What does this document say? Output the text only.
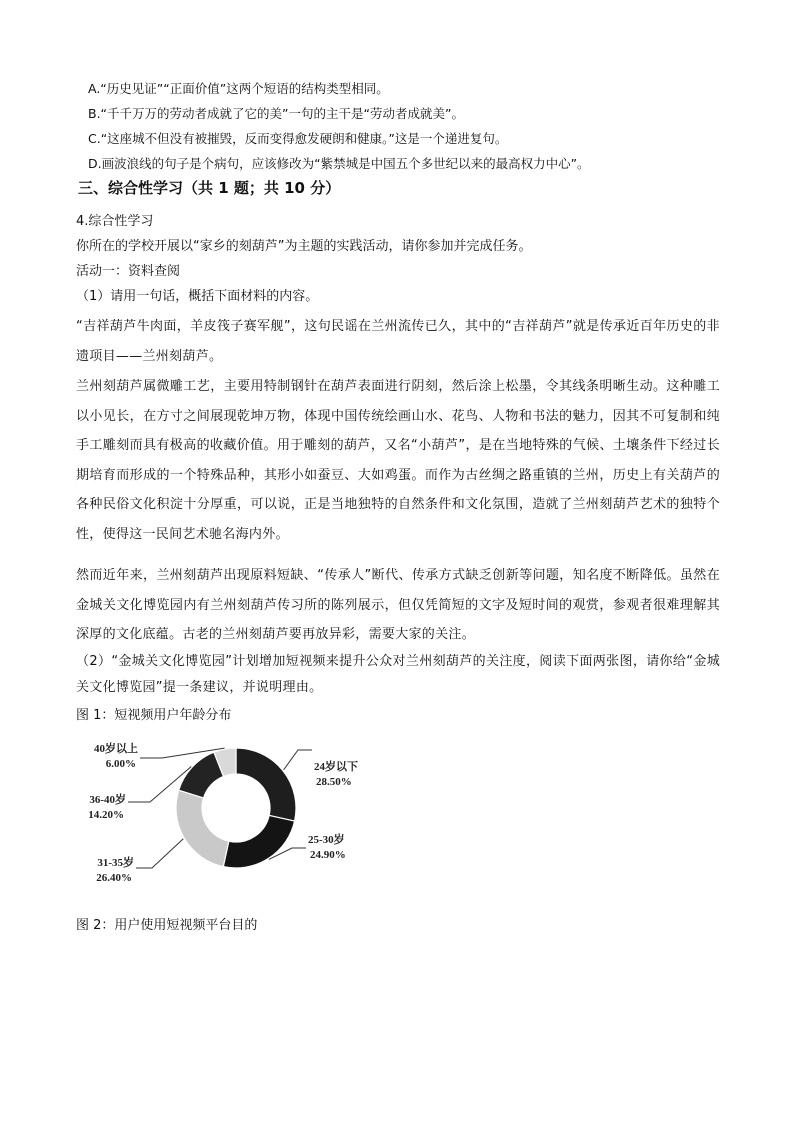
A.“历史见证”“正面价值”这两个短语的结构类型相同。
B.“千千万万的劳动者成就了它的美”一句的主干是“劳动者成就美”。
C.“这座城不但没有被摧毁，反而变得愈发硬朗和健康。”这是一个递进复句。
D.画波浪线的句子是个病句，应该修改为“紫禁城是中国五个多世纪以来的最高权力中心”。
三、综合性学习（共 1 题；共 10 分）
4.综合性学习
你所在的学校开展以“家乡的刻葫芦”为主题的实践活动，请你参加并完成任务。
活动一：资料查阅
（1）请用一句话，概括下面材料的内容。
“吉祥葫芦牛肉面，羊皮筏子赛军舰”，这句民谣在兰州流传已久，其中的“吉祥葫芦”就是传承近百年历史的非遗项目——兰州刻葫芦。
兰州刻葫芦属微雕工艺，主要用特制钢针在葫芦表面进行阴刻，然后涂上松墨，令其线条明晰生动。这种雕工以小见长，在方寸之间展现乾坤万物，体现中国传统绘画山水、花鸟、人物和书法的魅力，因其不可复制和纯手工雕刻而具有极高的收藏价值。用于雕刻的葫芦，又名“小葫芦”，是在当地特殊的气候、土壤条件下经过长期培育而形成的一个特殊品种，其形小如蚕豆、大如鸡蛋。而作为古丝绸之路重镇的兰州，历史上有关葫芦的各种民俗文化积淀十分厚重，可以说，正是当地独特的自然条件和文化氛围，造就了兰州刻葫芦艺术的独特个性，使得这一民间艺术驰名海内外。
然而近年来，兰州刻葫芦出现原料短缺、“传承人”断代、传承方式缺乏创新等问题，知名度不断降低。虽然在金城关文化博览园内有兰州刻葫芦传习所的陈列展示，但仅凭简短的文字及短时间的观赏，参观者很难理解其深厚的文化底蕴。古老的兰州刻葫芦要再放异彩，需要大家的关注。
（2）“金城关文化博览园”计划增加短视频来提升公众对兰州刻葫芦的关注度，阅读下面两张图，请你给“金城关文化博览园”提一条建议，并说明理由。
图 1：短视频用户年龄分布
24岁以下
28.50%
25-30岁
24.90%
31-35岁
26.40%
36-40岁
14.20%
40岁以上
6.00%
图 2：用户使用短视频平台目的
